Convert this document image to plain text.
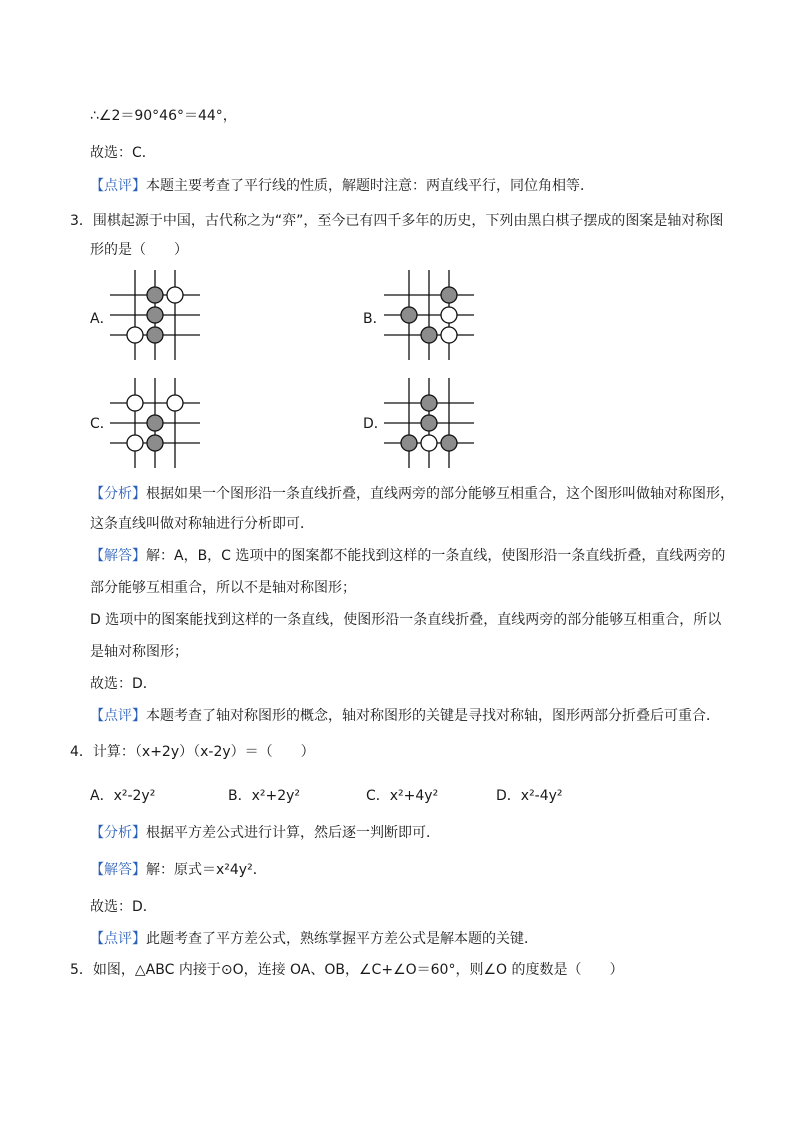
∴∠2＝90°46°＝44°，
故选：C．
【点评】本题主要考查了平行线的性质，解题时注意：两直线平行，同位角相等．
3．围棋起源于中国，古代称之为“弈”，至今已有四千多年的历史，下列由黑白棋子摆成的图案是轴对称图
形的是（　　）
A．	B．
C．	D．
【分析】根据如果一个图形沿一条直线折叠，直线两旁的部分能够互相重合，这个图形叫做轴对称图形，
这条直线叫做对称轴进行分析即可．
【解答】解：A，B，C 选项中的图案都不能找到这样的一条直线，使图形沿一条直线折叠，直线两旁的
部分能够互相重合，所以不是轴对称图形；
D 选项中的图案能找到这样的一条直线，使图形沿一条直线折叠，直线两旁的部分能够互相重合，所以
是轴对称图形；
故选：D．
【点评】本题考查了轴对称图形的概念，轴对称图形的关键是寻找对称轴，图形两部分折叠后可重合．
4．计算：（x+2y）（x-2y）＝（　　）
A．x²-2y²	B．x²+2y²	C．x²+4y²	D．x²-4y²
【分析】根据平方差公式进行计算，然后逐一判断即可．
【解答】解：原式＝x²4y²．
故选：D．
【点评】此题考查了平方差公式，熟练掌握平方差公式是解本题的关键．
5．如图，△ABC 内接于⊙O，连接 OA、OB，∠C+∠O＝60°，则∠O 的度数是（　　）
